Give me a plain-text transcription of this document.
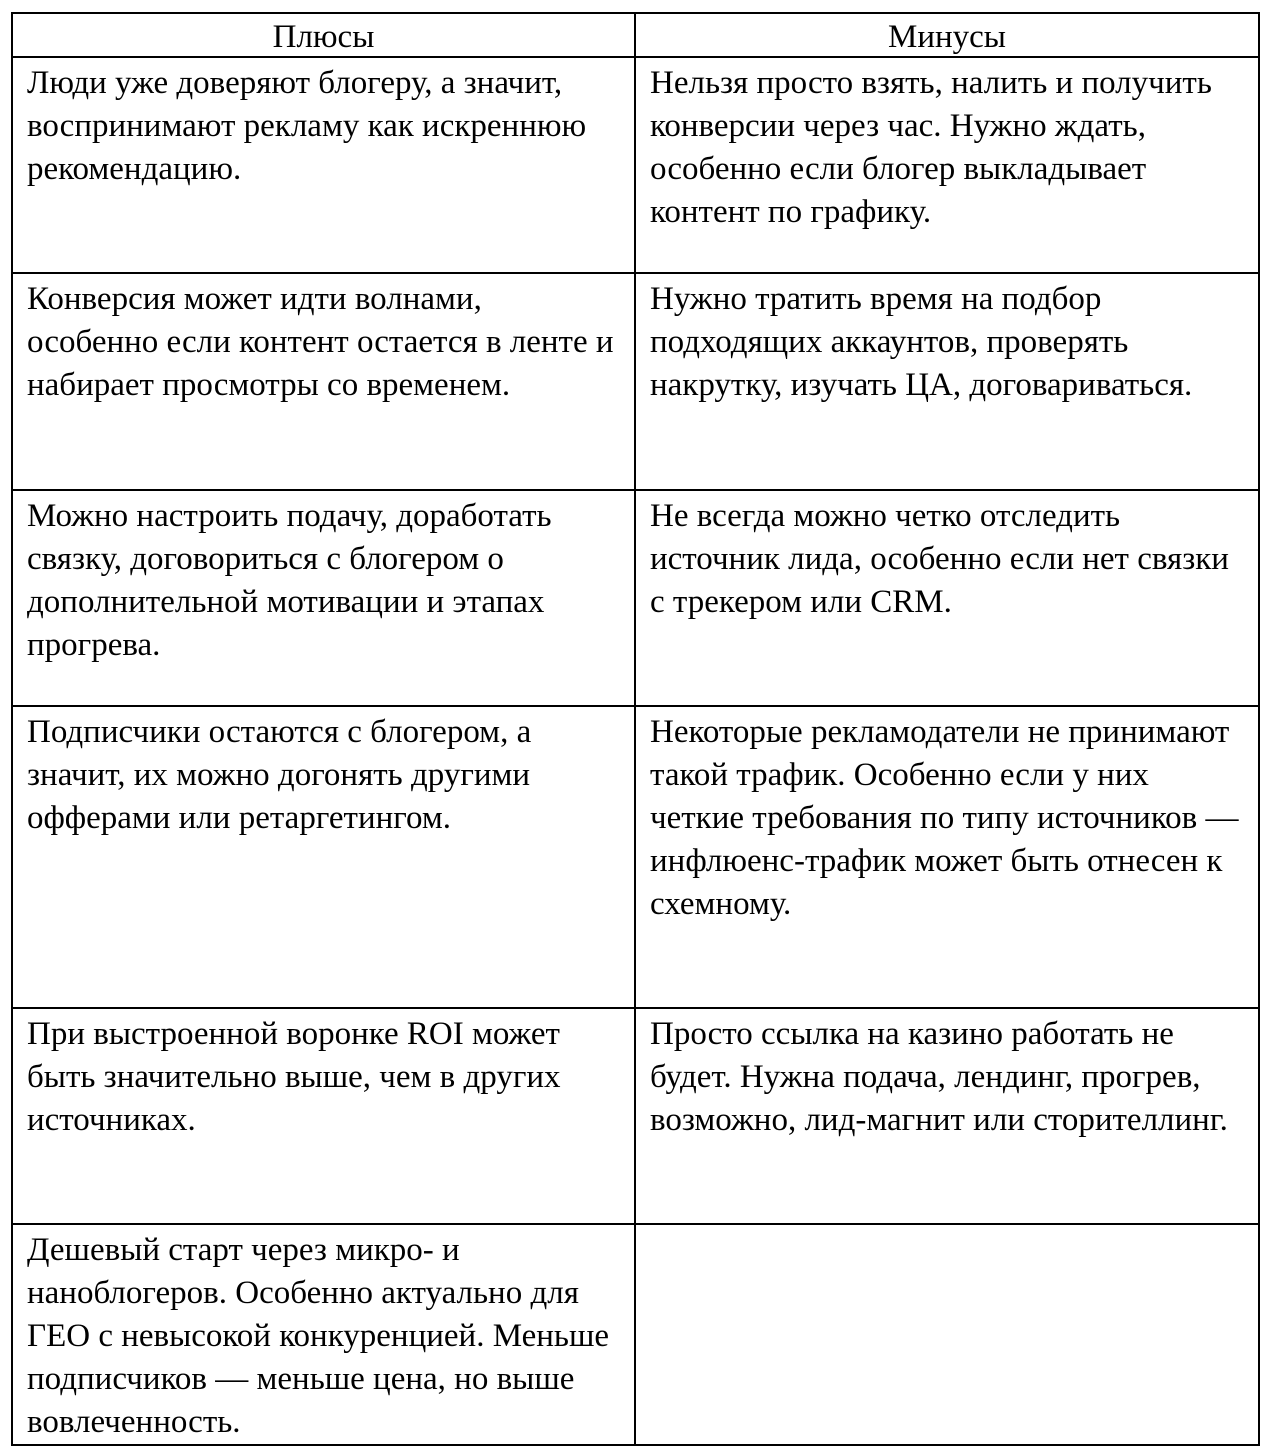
Плюсы	Минусы
Люди уже доверяют блогеру, а значит, воспринимают рекламу как искреннюю рекомендацию.	Нельзя просто взять, налить и получить конверсии через час. Нужно ждать, особенно если блогер выкладывает контент по графику.
Конверсия может идти волнами, особенно если контент остается в ленте и набирает просмотры со временем.	Нужно тратить время на подбор подходящих аккаунтов, проверять накрутку, изучать ЦА, договариваться.
Можно настроить подачу, доработать связку, договориться с блогером о дополнительной мотивации и этапах прогрева.	Не всегда можно четко отследить источник лида, особенно если нет связки с трекером или CRM.
Подписчики остаются с блогером, а значит, их можно догонять другими офферами или ретаргетингом.	Некоторые рекламодатели не принимают такой трафик. Особенно если у них четкие требования по типу источников — инфлюенс-трафик может быть отнесен к схемному.
При выстроенной воронке ROI может быть значительно выше, чем в других источниках.	Просто ссылка на казино работать не будет. Нужна подача, лендинг, прогрев, возможно, лид-магнит или сторителлинг.
Дешевый старт через микро- и наноблогеров. Особенно актуально для ГЕО с невысокой конкуренцией. Меньше подписчиков — меньше цена, но выше вовлеченность.	
